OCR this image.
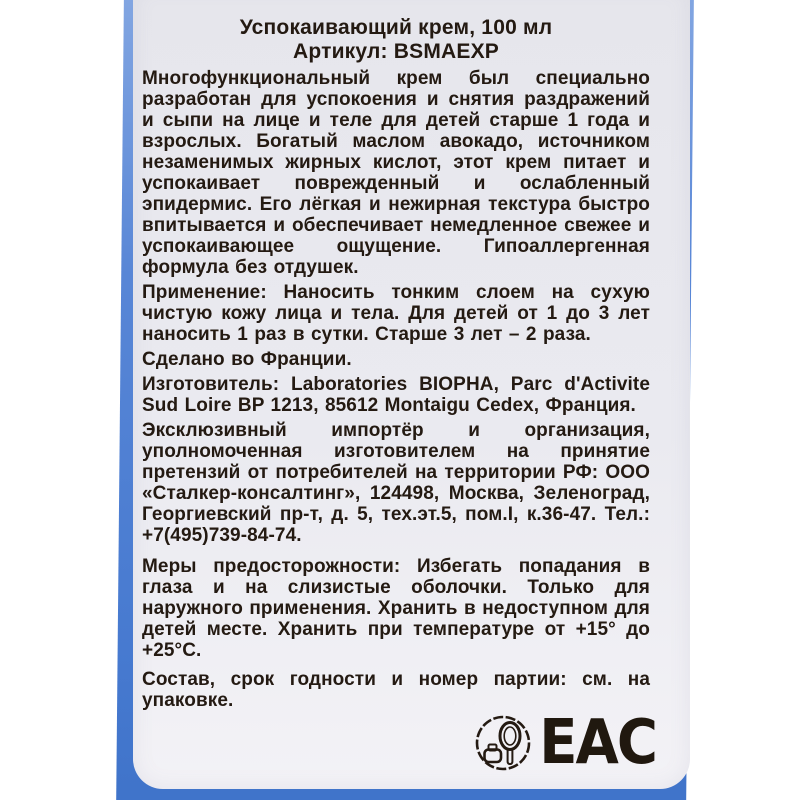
Успокаивающий крем, 100 мл
Артикул: BSMAEXP

Многофункциональный крем был специально разработан для успокоения и снятия раздражений и сыпи на лице и теле для детей старше 1 года и взрослых. Богатый маслом авокадо, источником незаменимых жирных кислот, этот крем питает и успокаивает поврежденный и ослабленный эпидермис. Его лёгкая и нежирная текстура быстро впитывается и обеспечивает немедленное свежее и успокаивающее ощущение. Гипоаллергенная формула без отдушек.

Применение: Наносить тонким слоем на сухую чистую кожу лица и тела. Для детей от 1 до 3 лет наносить 1 раз в сутки. Старше 3 лет – 2 раза.

Сделано во Франции.

Изготовитель: Laboratories BIOPHA, Parc d'Activite Sud Loire BP 1213, 85612 Montaigu Cedex, Франция.

Эксклюзивный импортёр и организация, уполномоченная изготовителем на принятие претензий от потребителей на территории РФ: ООО «Сталкер-консалтинг», 124498, Москва, Зеленоград, Георгиевский пр-т, д. 5, тех.эт.5, пом.I, к.36-47. Тел.: +7(495)739-84-74.

Меры предосторожности: Избегать попадания в глаза и на слизистые оболочки. Только для наружного применения. Хранить в недоступном для детей месте. Хранить при температуре от +15° до +25°С.

Состав, срок годности и номер партии: см. на упаковке.

ЕАС
